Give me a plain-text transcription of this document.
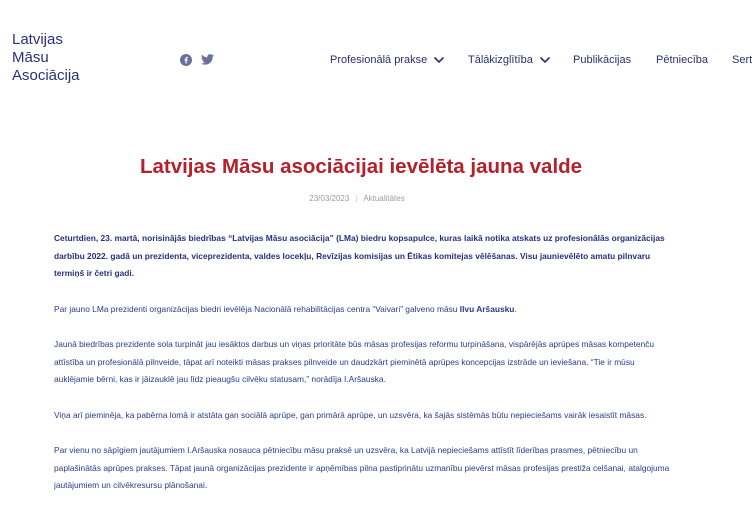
Latvijas
Māsu
Asociācija
Profesionālā prakse	Tālākizglītība	Publikācijas Pētniecība Sert
Latvijas Māsu asociācijai ievēlēta jauna valde
23/03/2023 | Aktualitātes

Ceturtdien, 23. martā, norisinājās biedrības “Latvijas Māsu asociācija” (LMa) biedru kopsapulce, kuras laikā notika atskats uz profesionālās organizācijas darbību 2022. gadā un prezidenta, viceprezidenta, valdes locekļu, Revīzijas komisijas un Ētikas komitejas vēlēšanas. Visu jaunievēlēto amatu pilnvaru termiņš ir četri gadi.

Par jauno LMa prezidenti organizācijas biedri ievēlēja Nacionālā rehabilitācijas centra “Vaivari” galveno māsu Ilvu Aršausku.

Jaunā biedrības prezidente sola turpināt jau iesāktos darbus un viņas prioritāte būs māsas profesijas reformu turpināšana, vispārējās aprūpes māsas kompetenču attīstība un profesionālā pilnveide, tāpat arī noteikti māsas prakses pilnveide un daudzkārt pieminētā aprūpes koncepcijas izstrāde un ieviešana. “Tie ir mūsu auklējamie bērni, kas ir jāizauklē jau līdz pieaugšu cilvēku statusam,” norādīja I.Aršauska.

Viņa arī pieminēja, ka pabērna lomā ir atstāta gan sociālā aprūpe, gan primārā aprūpe, un uzsvēra, ka šajās sistēmās būtu nepieciešams vairāk iesaistīt māsas.

Par vienu no sāpīgiem jautājumiem I.Aršauska nosauca pētniecību māsu praksē un uzsvēra, ka Latvijā nepieciešams attīstīt līderības prasmes, pētniecību un paplašinātās aprūpes prakses. Tāpat jaunā organizācijas prezidente ir apņēmības pilna pastiprinātu uzmanību pievērst māsas profesijas prestiža celšanai, atalgojuma jautājumiem un cilvēkresursu plānošanai.
